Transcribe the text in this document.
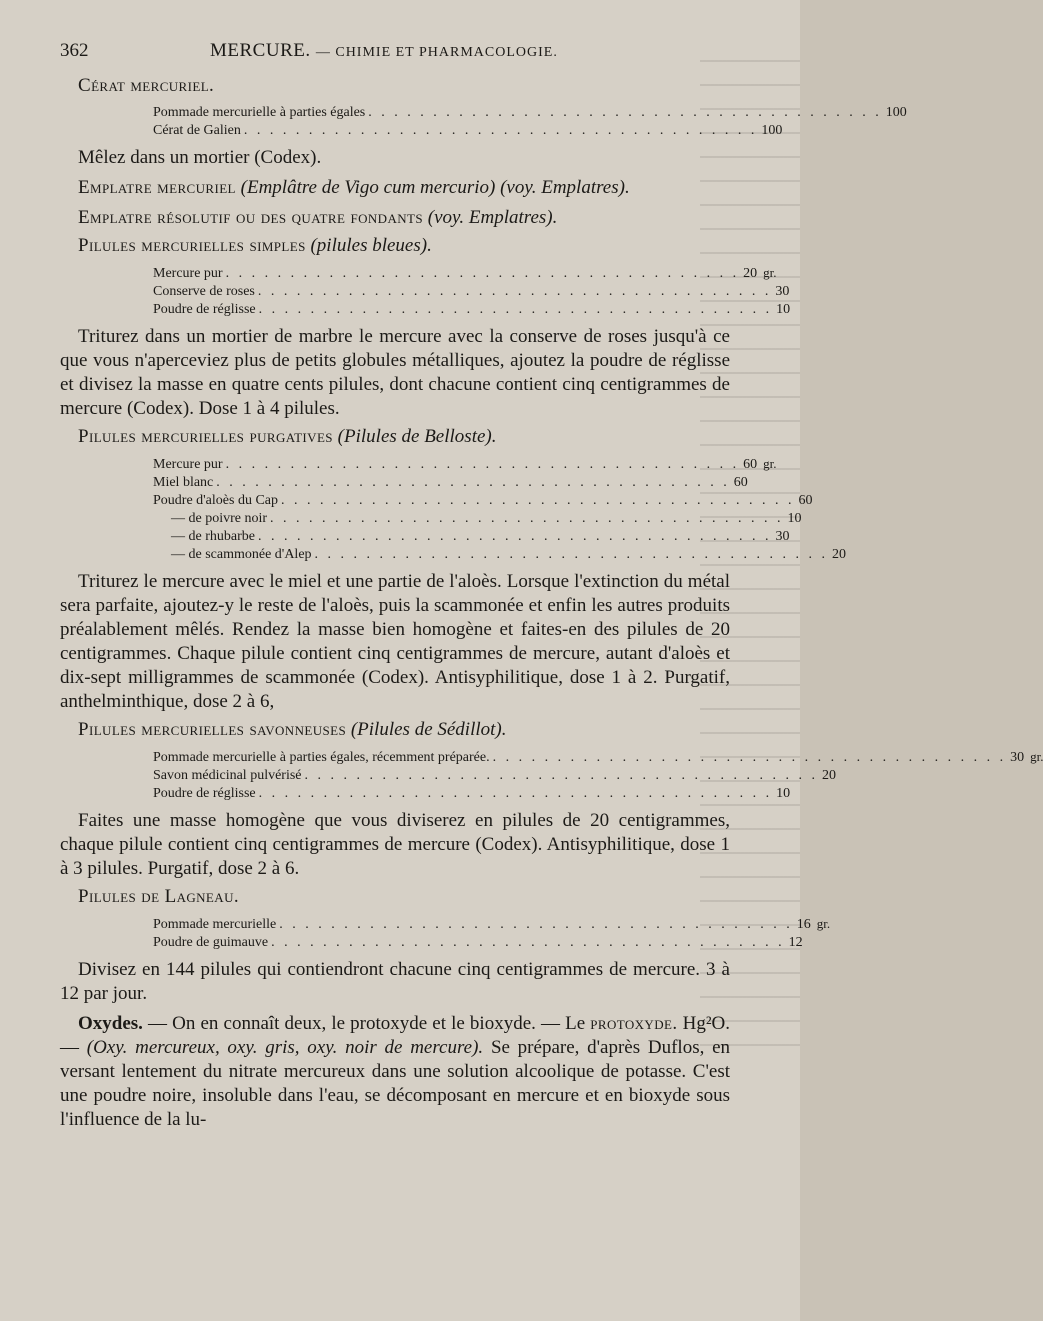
362	MERCURE. — CHIMIE ET PHARMACOLOGIE.
Cérat mercuriel.
Pommade mercurielle à parties égales . . . . . . . . . . . . . . . . . . . . . . . . . . . . . . . . . . . . . . . . 100
Cérat de Galien . . . . . . . . . . . . . . . . . . . . . . . . . . . . . . . . . . . . . . . . 100
Mêlez dans un mortier (Codex).
Emplatre mercuriel (Emplâtre de Vigo cum mercurio) (voy. Emplatres).
Emplatre résolutif ou des quatre fondants (voy. Emplatres).
Pilules mercurielles simples (pilules bleues).
Mercure pur . . . . . . . . . . . . . . . . . . . . . . . . . . . . . . . . . . . . . . . . 20 gr.
Conserve de roses . . . . . . . . . . . . . . . . . . . . . . . . . . . . . . . . . . . . . . . . 30
Poudre de réglisse . . . . . . . . . . . . . . . . . . . . . . . . . . . . . . . . . . . . . . . . 10
Triturez dans un mortier de marbre le mercure avec la conserve de roses jusqu'à ce que vous n'aperceviez plus de petits globules métalliques, ajoutez la poudre de réglisse et divisez la masse en quatre cents pilules, dont chacune contient cinq centigrammes de mercure (Codex). Dose 1 à 4 pilules.
Pilules mercurielles purgatives (Pilules de Belloste).
Mercure pur . . . . . . . . . . . . . . . . . . . . . . . . . . . . . . . . . . . . . . . . 60 gr.
Miel blanc . . . . . . . . . . . . . . . . . . . . . . . . . . . . . . . . . . . . . . . . 60
Poudre d'aloès du Cap . . . . . . . . . . . . . . . . . . . . . . . . . . . . . . . . . . . . . . . . 60
— de poivre noir . . . . . . . . . . . . . . . . . . . . . . . . . . . . . . . . . . . . . . . . 10
— de rhubarbe . . . . . . . . . . . . . . . . . . . . . . . . . . . . . . . . . . . . . . . . 30
— de scammonée d'Alep . . . . . . . . . . . . . . . . . . . . . . . . . . . . . . . . . . . . . . . . 20
Triturez le mercure avec le miel et une partie de l'aloès. Lorsque l'extinction du métal sera parfaite, ajoutez-y le reste de l'aloès, puis la scammonée et enfin les autres produits préalablement mêlés. Rendez la masse bien homogène et faites-en des pilules de 20 centigrammes. Chaque pilule contient cinq centigrammes de mercure, autant d'aloès et dix-sept milligrammes de scammonée (Codex). Antisyphilitique, dose 1 à 2. Purgatif, anthelminthique, dose 2 à 6,
Pilules mercurielles savonneuses (Pilules de Sédillot).
Pommade mercurielle à parties égales, récemment préparée. . . . . . . . . . . . . . . . . . . . . . . . . . . . . . . . . . . . . . . . . 30 gr.
Savon médicinal pulvérisé . . . . . . . . . . . . . . . . . . . . . . . . . . . . . . . . . . . . . . . . 20
Poudre de réglisse . . . . . . . . . . . . . . . . . . . . . . . . . . . . . . . . . . . . . . . . 10
Faites une masse homogène que vous diviserez en pilules de 20 centigrammes, chaque pilule contient cinq centigrammes de mercure (Codex). Antisyphilitique, dose 1 à 3 pilules. Purgatif, dose 2 à 6.
Pilules de Lagneau.
Pommade mercurielle . . . . . . . . . . . . . . . . . . . . . . . . . . . . . . . . . . . . . . . . 16 gr.
Poudre de guimauve . . . . . . . . . . . . . . . . . . . . . . . . . . . . . . . . . . . . . . . . 12
Divisez en 144 pilules qui contiendront chacune cinq centigrammes de mercure. 3 à 12 par jour.
Oxydes. — On en connaît deux, le protoxyde et le bioxyde. — Le protoxyde. Hg²O. — (Oxy. mercureux, oxy. gris, oxy. noir de mercure). Se prépare, d'après Duflos, en versant lentement du nitrate mercureux dans une solution alcoolique de potasse. C'est une poudre noire, insoluble dans l'eau, se décomposant en mercure et en bioxyde sous l'influence de la lu-
